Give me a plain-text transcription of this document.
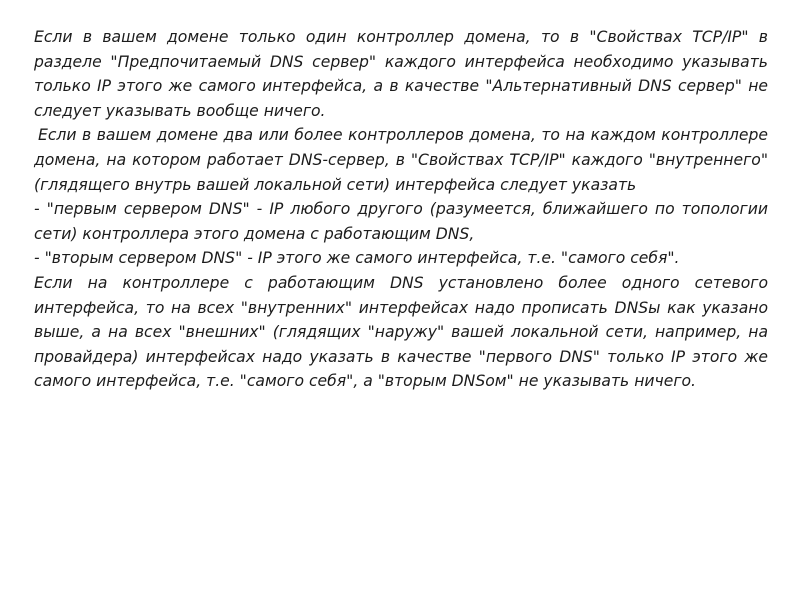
Если в вашем домене только один контроллер домена, то в "Свойствах TCP/IP" в разделе "Предпочитаемый DNS сервер" каждого интерфейса необходимо указывать только IP этого же самого интерфейса, а в качестве "Альтернативный DNS сервер" не следует указывать вообще ничего.

Если в вашем домене два или более контроллеров домена, то на каждом контроллере домена, на котором работает DNS-сервер, в "Свойствах TCP/IP" каждого "внутреннего" (глядящего внутрь вашей локальной сети) интерфейса следует указать

- "первым сервером DNS" - IP любого другого (разумеется, ближайшего по топологии сети) контроллера этого домена с работающим DNS,

- "вторым сервером DNS" - IP этого же самого интерфейса, т.е. "самого себя".

Если на контроллере с работающим DNS установлено более одного сетевого интерфейса, то на всех "внутренних" интерфейсах надо прописать DNSы как указано выше, а на всех "внешних" (глядящих "наружу" вашей локальной сети, например, на провайдера) интерфейсах надо указать в качестве "первого DNS" только IP этого же самого интерфейса, т.е. "самого себя", а "вторым DNSом" не указывать ничего.
